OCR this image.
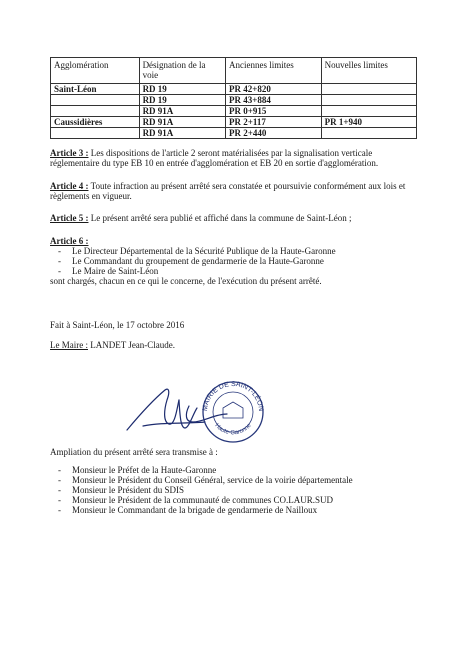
Agglomération	Désignation de la voie	Anciennes limites	Nouvelles limites
Saint-Léon	RD 19	PR 42+820	
	RD 19	PR 43+884	
	RD 91A	PR 0+915	
Caussidières	RD 91A	PR 2+117	PR 1+940
	RD 91A	PR 2+440	
Article 3 : Les dispositions de l'article 2 seront matérialisées par la signalisation verticale réglementaire du type EB 10 en entrée d'agglomération et EB 20 en sortie d'agglomération.
Article 4 : Toute infraction au présent arrêté sera constatée et poursuivie conformément aux lois et règlements en vigueur.
Article 5 : Le présent arrêté sera publié et affiché dans la commune de Saint-Léon ;
Article 6 :
- Le Directeur Départemental de la Sécurité Publique de la Haute-Garonne
- Le Commandant du groupement de gendarmerie de la Haute-Garonne
- Le Maire de Saint-Léon
sont chargés, chacun en ce qui le concerne, de l'exécution du présent arrêté.
Fait à Saint-Léon, le 17 octobre 2016
Le Maire : LANDET Jean-Claude.
MAIRIE DE SAINT-LÉON
Haute-Garonne
Ampliation du présent arrêté sera transmise à :
- Monsieur le Préfet de la Haute-Garonne
- Monsieur le Président du Conseil Général, service de la voirie départementale
- Monsieur le Président du SDIS
- Monsieur le Président de la communauté de communes CO.LAUR.SUD
- Monsieur le Commandant de la brigade de gendarmerie de Nailloux
